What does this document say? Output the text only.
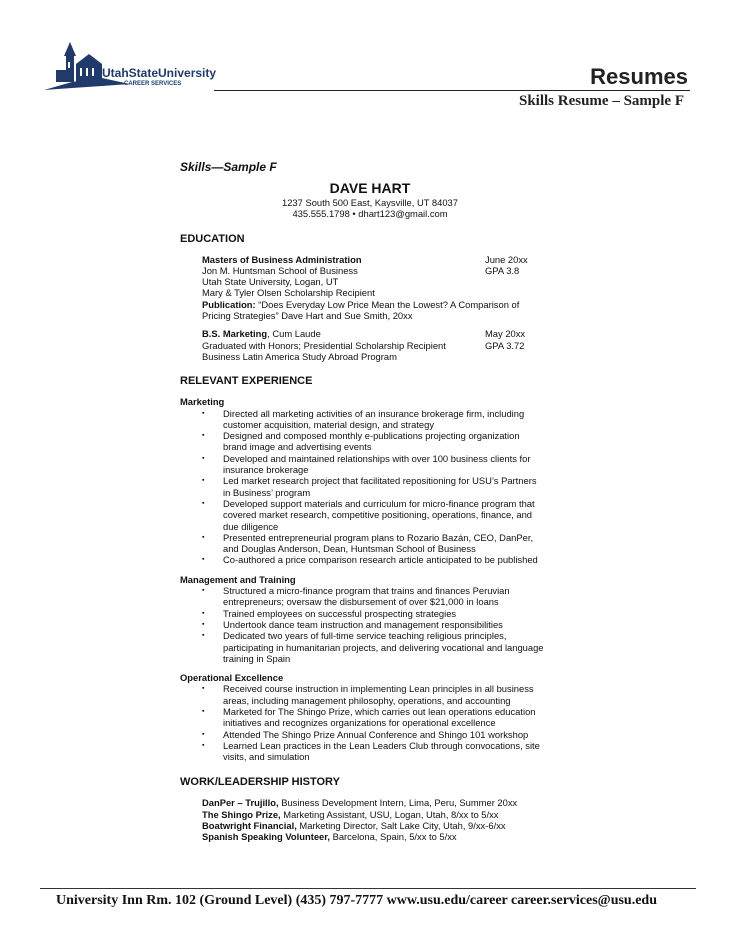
UtahStateUniversity
CAREER SERVICES	Resumes
Skills Resume – Sample F
Skills—Sample F
DAVE HART
1237 South 500 East, Kaysville, UT 84037
435.555.1798 • dhart123@gmail.com
EDUCATION
Masters of Business Administration	June 20xx
Jon M. Huntsman School of Business	GPA 3.8
Utah State University, Logan, UT
Mary & Tyler Olsen Scholarship Recipient
Publication: “Does Everyday Low Price Mean the Lowest? A Comparison of
Pricing Strategies” Dave Hart and Sue Smith, 20xx
B.S. Marketing, Cum Laude	May 20xx
Graduated with Honors; Presidential Scholarship Recipient	GPA 3.72
Business Latin America Study Abroad Program
RELEVANT EXPERIENCE
Marketing
▪ Directed all marketing activities of an insurance brokerage firm, including
customer acquisition, material design, and strategy
▪ Designed and composed monthly e-publications projecting organization
brand image and advertising events
▪ Developed and maintained relationships with over 100 business clients for
insurance brokerage
▪ Led market research project that facilitated repositioning for USU’s Partners
in Business’ program
▪ Developed support materials and curriculum for micro-finance program that
covered market research, competitive positioning, operations, finance, and
due diligence
▪ Presented entrepreneurial program plans to Rozario Bazán, CEO, DanPer,
and Douglas Anderson, Dean, Huntsman School of Business
▪ Co-authored a price comparison research article anticipated to be published
Management and Training
▪ Structured a micro-finance program that trains and finances Peruvian
entrepreneurs; oversaw the disbursement of over $21,000 in loans
▪ Trained employees on successful prospecting strategies
▪ Undertook dance team instruction and management responsibilities
▪ Dedicated two years of full-time service teaching religious principles,
participating in humanitarian projects, and delivering vocational and language
training in Spain
Operational Excellence
▪ Received course instruction in implementing Lean principles in all business
areas, including management philosophy, operations, and accounting
▪ Marketed for The Shingo Prize, which carries out lean operations education
initiatives and recognizes organizations for operational excellence
▪ Attended The Shingo Prize Annual Conference and Shingo 101 workshop
▪ Learned Lean practices in the Lean Leaders Club through convocations, site
visits, and simulation
WORK/LEADERSHIP HISTORY
DanPer – Trujillo, Business Development Intern, Lima, Peru, Summer 20xx
The Shingo Prize, Marketing Assistant, USU, Logan, Utah, 8/xx to 5/xx
Boatwright Financial, Marketing Director, Salt Lake City, Utah, 9/xx-6/xx
Spanish Speaking Volunteer, Barcelona, Spain, 5/xx to 5/xx
University Inn Rm. 102 (Ground Level) (435) 797-7777 www.usu.edu/career career.services@usu.edu
